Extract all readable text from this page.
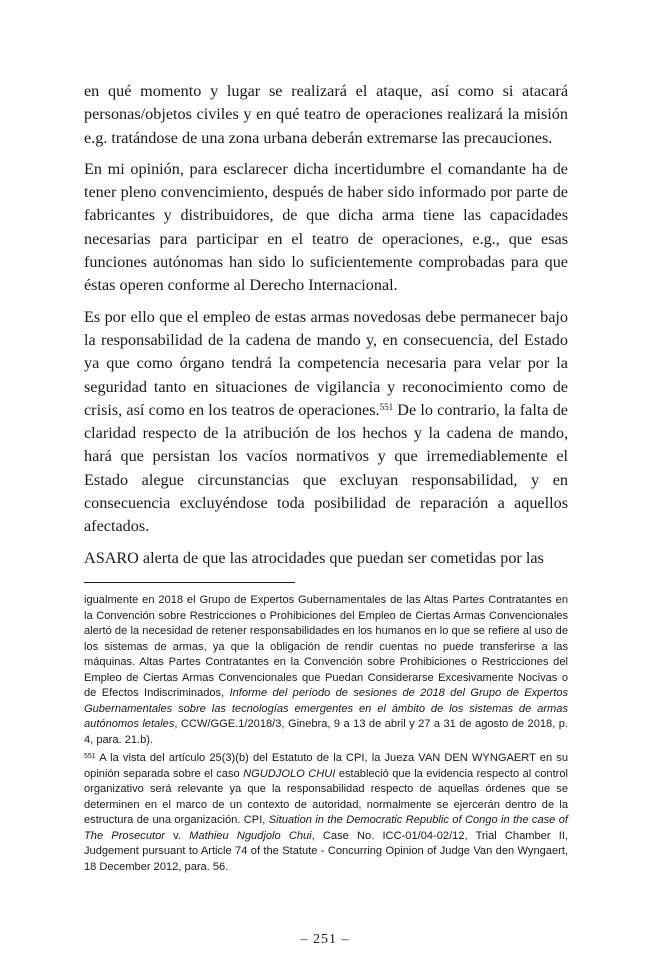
en qué momento y lugar se realizará el ataque, así como si atacará personas/objetos civiles y en qué teatro de operaciones realizará la misión e.g. tratándose de una zona urbana deberán extremarse las precauciones.

En mi opinión, para esclarecer dicha incertidumbre el comandante ha de tener pleno convencimiento, después de haber sido informado por parte de fabricantes y distribuidores, de que dicha arma tiene las capacidades necesarias para participar en el teatro de operaciones, e.g., que esas funciones autónomas han sido lo suficientemente comprobadas para que éstas operen conforme al Derecho Internacional.

Es por ello que el empleo de estas armas novedosas debe permanecer bajo la responsabilidad de la cadena de mando y, en consecuencia, del Estado ya que como órgano tendrá la competencia necesaria para velar por la seguridad tanto en situaciones de vigilancia y reconocimiento como de crisis, así como en los teatros de operaciones.$^{551}$ De lo contrario, la falta de claridad respecto de la atribución de los hechos y la cadena de mando, hará que persistan los vacíos normativos y que irremediablemente el Estado alegue circunstancias que excluyan responsabilidad, y en consecuencia excluyéndose toda posibilidad de reparación a aquellos afectados.

ASARO alerta de que las atrocidades que puedan ser cometidas por las

igualmente en 2018 el Grupo de Expertos Gubernamentales de las Altas Partes Contratantes en la Convención sobre Restricciones o Prohibiciones del Empleo de Ciertas Armas Convencionales alertó de la necesidad de retener responsabilidades en los humanos en lo que se refiere al uso de los sistemas de armas, ya que la obligación de rendir cuentas no puede transferirse a las máquinas. Altas Partes Contratantes en la Convención sobre Prohibiciones o Restricciones del Empleo de Ciertas Armas Convencionales que Puedan Considerarse Excesivamente Nocivas o de Efectos Indiscriminados, Informe del período de sesiones de 2018 del Grupo de Expertos Gubernamentales sobre las tecnologías emergentes en el ámbito de los sistemas de armas autónomos letales, CCW/GGE.1/2018/3, Ginebra, 9 a 13 de abril y 27 a 31 de agosto de 2018, p. 4, para. 21.b).

$^{551}$ A la vista del artículo 25(3)(b) del Estatuto de la CPI, la Jueza VAN DEN WYNGAERT en su opinión separada sobre el caso NGUDJOLO CHUI estableció que la evidencia respecto al control organizativo será relevante ya que la responsabilidad respecto de aquellas órdenes que se determinen en el marco de un contexto de autoridad, normalmente se ejercerán dentro de la estructura de una organización. CPI, Situation in the Democratic Republic of Congo in the case of The Prosecutor v. Mathieu Ngudjolo Chui, Case No. ICC-01/04-02/12, Trial Chamber II, Judgement pursuant to Article 74 of the Statute - Concurring Opinion of Judge Van den Wyngaert, 18 December 2012, para. 56.

– 251 –
